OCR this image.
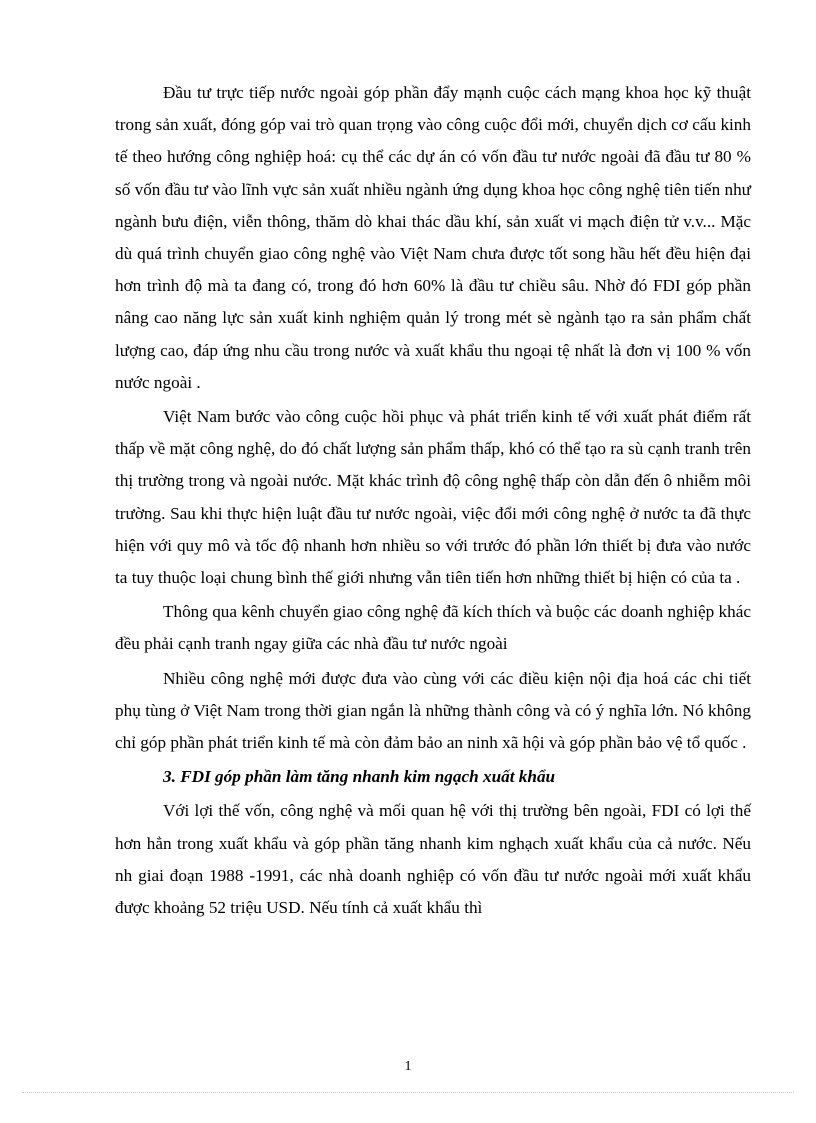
Đầu tư trực tiếp nước ngoài góp phần đẩy mạnh cuộc cách mạng khoa học kỹ thuật trong sản xuất, đóng góp vai trò quan trọng vào công cuộc đổi mới, chuyển dịch cơ cấu kinh tế theo hướng công nghiệp hoá: cụ thể các dự án có vốn đầu tư nước ngoài đã đầu tư 80 % số vốn đầu tư vào lĩnh vực sản xuất nhiều ngành ứng dụng khoa học công nghệ tiên tiến như ngành bưu điện, viễn thông, thăm dò khai thác dầu khí, sản xuất vi mạch điện tử v.v... Mặc dù quá trình chuyển giao công nghệ vào Việt Nam chưa được tốt song hầu hết đều hiện đại hơn trình độ mà ta đang có, trong đó hơn 60% là đầu tư chiều sâu. Nhờ đó FDI góp phần nâng cao năng lực sản xuất kinh nghiệm quản lý trong mét sè ngành tạo ra sản phẩm chất lượng cao, đáp ứng nhu cầu trong nước và xuất khẩu thu ngoại tệ nhất là đơn vị 100 % vốn nước ngoài .

Việt Nam bước vào công cuộc hồi phục và phát triển kinh tế với xuất phát điểm rất thấp về mặt công nghệ, do đó chất lượng sản phẩm thấp, khó có thể tạo ra sù cạnh tranh trên thị trường trong và ngoài nước. Mặt khác trình độ công nghệ thấp còn dẫn đến ô nhiễm môi trường. Sau khi thực hiện luật đầu tư nước ngoài, việc đổi mới công nghệ ở nước ta đã thực hiện với quy mô và tốc độ nhanh hơn nhiều so với trước đó phần lớn thiết bị đưa vào nước ta tuy thuộc loại chung bình thế giới nhưng vẫn tiên tiến hơn những thiết bị hiện có của ta .

Thông qua kênh chuyển giao công nghệ đã kích thích và buộc các doanh nghiệp khác đều phải cạnh tranh ngay giữa các nhà đầu tư nước ngoài

Nhiều công nghệ mới được đưa vào cùng với các điều kiện nội địa hoá các chi tiết phụ tùng ở Việt Nam trong thời gian ngắn là những thành công và có ý nghĩa lớn. Nó không chỉ góp phần phát triển kinh tế mà còn đảm bảo an ninh xã hội và góp phần bảo vệ tổ quốc .

3. FDI góp phần làm tăng nhanh kim ngạch xuất khẩu

Với lợi thế vốn, công nghệ và mối quan hệ với thị trường bên ngoài, FDI có lợi thế hơn hẳn trong xuất khẩu và góp phần tăng nhanh kim nghạch xuất khẩu của cả nước. Nếu nh giai đoạn 1988 -1991, các nhà doanh nghiệp có vốn đầu tư nước ngoài mới xuất khẩu được khoảng 52 triệu USD. Nếu tính cả xuất khẩu thì

1
